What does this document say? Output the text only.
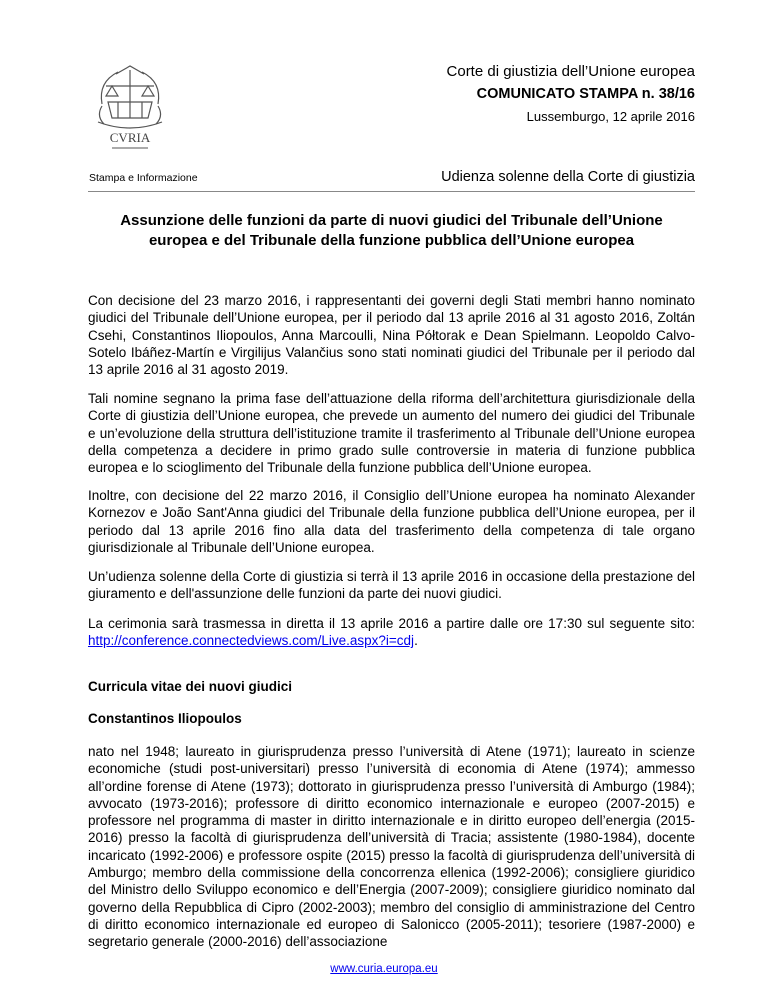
CVRIA
Corte di giustizia dell’Unione europea
COMUNICATO STAMPA n. 38/16
Lussemburgo, 12 aprile 2016
Stampa e Informazione	Udienza solenne della Corte di giustizia
Assunzione delle funzioni da parte di nuovi giudici del Tribunale dell’Unione europea e del Tribunale della funzione pubblica dell’Unione europea
Con decisione del 23 marzo 2016, i rappresentanti dei governi degli Stati membri hanno nominato giudici del Tribunale dell’Unione europea, per il periodo dal 13 aprile 2016 al 31 agosto 2016, Zoltán Csehi, Constantinos Iliopoulos, Anna Marcoulli, Nina Półtorak e Dean Spielmann. Leopoldo Calvo-Sotelo Ibáñez-Martín e Virgilijus Valančius sono stati nominati giudici del Tribunale per il periodo dal 13 aprile 2016 al 31 agosto 2019.
Tali nomine segnano la prima fase dell’attuazione della riforma dell’architettura giurisdizionale della Corte di giustizia dell’Unione europea, che prevede un aumento del numero dei giudici del Tribunale e un’evoluzione della struttura dell’istituzione tramite il trasferimento al Tribunale dell’Unione europea della competenza a decidere in primo grado sulle controversie in materia di funzione pubblica europea e lo scioglimento del Tribunale della funzione pubblica dell’Unione europea.
Inoltre, con decisione del 22 marzo 2016, il Consiglio dell’Unione europea ha nominato Alexander Kornezov e João Sant'Anna giudici del Tribunale della funzione pubblica dell’Unione europea, per il periodo dal 13 aprile 2016 fino alla data del trasferimento della competenza di tale organo giurisdizionale al Tribunale dell’Unione europea.
Un’udienza solenne della Corte di giustizia si terrà il 13 aprile 2016 in occasione della prestazione del giuramento e dell'assunzione delle funzioni da parte dei nuovi giudici.
La cerimonia sarà trasmessa in diretta il 13 aprile 2016 a partire dalle ore 17:30 sul seguente sito: http://conference.connectedviews.com/Live.aspx?i=cdj.
Curricula vitae dei nuovi giudici
Constantinos Iliopoulos
nato nel 1948; laureato in giurisprudenza presso l’università di Atene (1971); laureato in scienze economiche (studi post-universitari) presso l’università di economia di Atene (1974); ammesso all’ordine forense di Atene (1973); dottorato in giurisprudenza presso l’università di Amburgo (1984); avvocato (1973-2016); professore di diritto economico internazionale e europeo (2007-2015) e professore nel programma di master in diritto internazionale e in diritto europeo dell’energia (2015-2016) presso la facoltà di giurisprudenza dell’università di Tracia; assistente (1980-1984), docente incaricato (1992-2006) e professore ospite (2015) presso la facoltà di giurisprudenza dell’università di Amburgo; membro della commissione della concorrenza ellenica (1992-2006); consigliere giuridico del Ministro dello Sviluppo economico e dell’Energia (2007-2009); consigliere giuridico nominato dal governo della Repubblica di Cipro (2002-2003); membro del consiglio di amministrazione del Centro di diritto economico internazionale ed europeo di Salonicco (2005-2011); tesoriere (1987-2000) e segretario generale (2000-2016) dell’associazione
www.curia.europa.eu
